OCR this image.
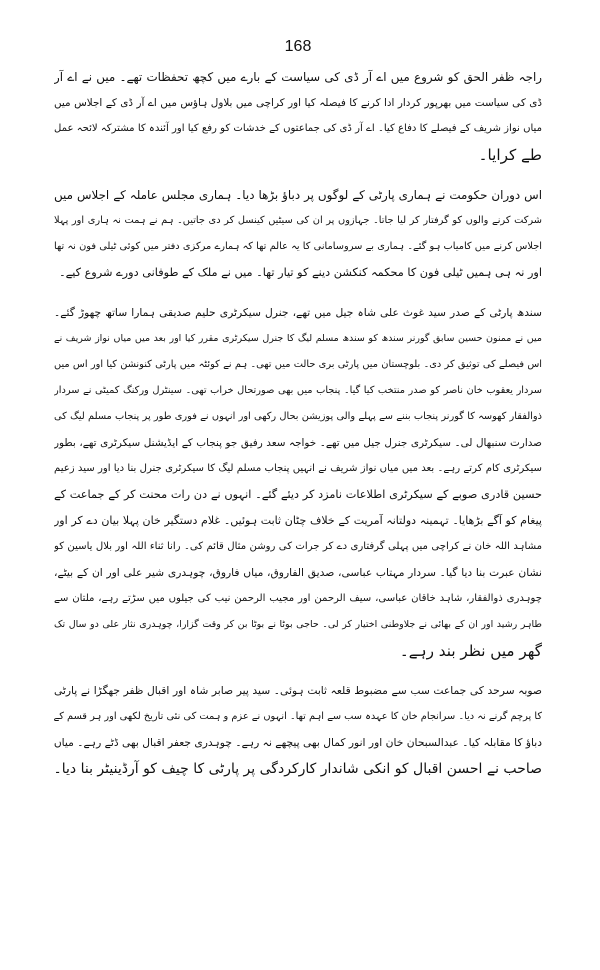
168
راجہ ظفر الحق کو شروع میں اے آر ڈی کی سیاست کے بارے میں کچھ تحفظات تھے۔ میں نے اے آر
ڈی کی سیاست میں بھرپور کردار ادا کرنے کا فیصلہ کیا اور کراچی میں بلاول ہاؤس میں اے آر ڈی کے اجلاس میں
میاں نواز شریف کے فیصلے کا دفاع کیا۔ اے آر ڈی کی جماعتوں کے خدشات کو رفع کیا اور آئندہ کا مشترکہ لائحہ عمل
طے کرایا۔
اس دوران حکومت نے ہماری پارٹی کے لوگوں پر دباؤ بڑھا دیا۔ ہماری مجلس عاملہ کے اجلاس میں
شرکت کرنے والوں کو گرفتار کر لیا جاتا۔ جہازوں پر ان کی سیٹیں کینسل کر دی جاتیں۔ ہم نے ہمت نہ ہاری اور پہلا
اجلاس کرنے میں کامیاب ہو گئے۔ ہماری بے سروسامانی کا یہ عالم تھا کہ ہمارے مرکزی دفتر میں کوئی ٹیلی فون نہ تھا
اور نہ ہی ہمیں ٹیلی فون کا محکمہ کنکشن دینے کو تیار تھا۔ میں نے ملک کے طوفانی دورے شروع کیے۔
سندھ پارٹی کے صدر سید غوث علی شاہ جیل میں تھے، جنرل سیکرٹری حلیم صدیقی ہمارا ساتھ چھوڑ گئے۔
میں نے ممنون حسین سابق گورنر سندھ کو سندھ مسلم لیگ کا جنرل سیکرٹری مقرر کیا اور بعد میں میاں نواز شریف نے
اس فیصلے کی توثیق کر دی۔ بلوچستان میں پارٹی بری حالت میں تھی۔ ہم نے کوئٹہ میں پارٹی کنونشن کیا اور اس میں
سردار یعقوب خان ناصر کو صدر منتخب کیا گیا۔ پنجاب میں بھی صورتحال خراب تھی۔ سینٹرل ورکنگ کمیٹی نے سردار
ذوالفقار کھوسہ کا گورنر پنجاب بننے سے پہلے والی پوزیشن بحال رکھی اور انہوں نے فوری طور پر پنجاب مسلم لیگ کی
صدارت سنبھال لی۔ سیکرٹری جنرل جیل میں تھے۔ خواجہ سعد رفیق جو پنجاب کے ایڈیشنل سیکرٹری تھے، بطور
سیکرٹری کام کرتے رہے۔ بعد میں میاں نواز شریف نے انہیں پنجاب مسلم لیگ کا سیکرٹری جنرل بنا دیا اور سید زعیم
حسین قادری صوبے کے سیکرٹری اطلاعات نامزد کر دیئے گئے۔ انہوں نے دن رات محنت کر کے جماعت کے
پیغام کو آگے بڑھایا۔ تہمینہ دولتانہ آمریت کے خلاف چٹان ثابت ہوئیں۔ غلام دستگیر خان پہلا بیان دے کر اور
مشاہد اللہ خان نے کراچی میں پہلی گرفتاری دے کر جرات کی روشن مثال قائم کی۔ رانا ثناء اللہ اور بلال یاسین کو
نشان عبرت بنا دیا گیا۔ سردار مہتاب عباسی، صدیق الفاروق، میاں فاروق، چوہدری شیر علی اور ان کے بیٹے،
چوہدری ذوالفقار، شاہد خاقان عباسی، سیف الرحمن اور مجیب الرحمن نیب کی جیلوں میں سڑتے رہے، ملتان سے
طاہر رشید اور ان کے بھائی نے جلاوطنی اختیار کر لی۔ حاجی بوٹا نے بوٹا بن کر وقت گزارا، چوہدری نثار علی دو سال تک
گھر میں نظر بند رہے۔
صوبہ سرحد کی جماعت سب سے مضبوط قلعہ ثابت ہوئی۔ سید پیر صابر شاہ اور اقبال ظفر جھگڑا نے پارٹی
کا پرچم گرنے نہ دیا۔ سرانجام خان کا عہدہ سب سے اہم تھا۔ انہوں نے عزم و ہمت کی نئی تاریخ لکھی اور ہر قسم کے
دباؤ کا مقابلہ کیا۔ عبدالسبحان خان اور انور کمال بھی پیچھے نہ رہے۔ چوہدری جعفر اقبال بھی ڈٹے رہے۔ میاں
صاحب نے احسن اقبال کو انکی شاندار کارکردگی پر پارٹی کا چیف کو آرڈینیٹر بنا دیا۔
